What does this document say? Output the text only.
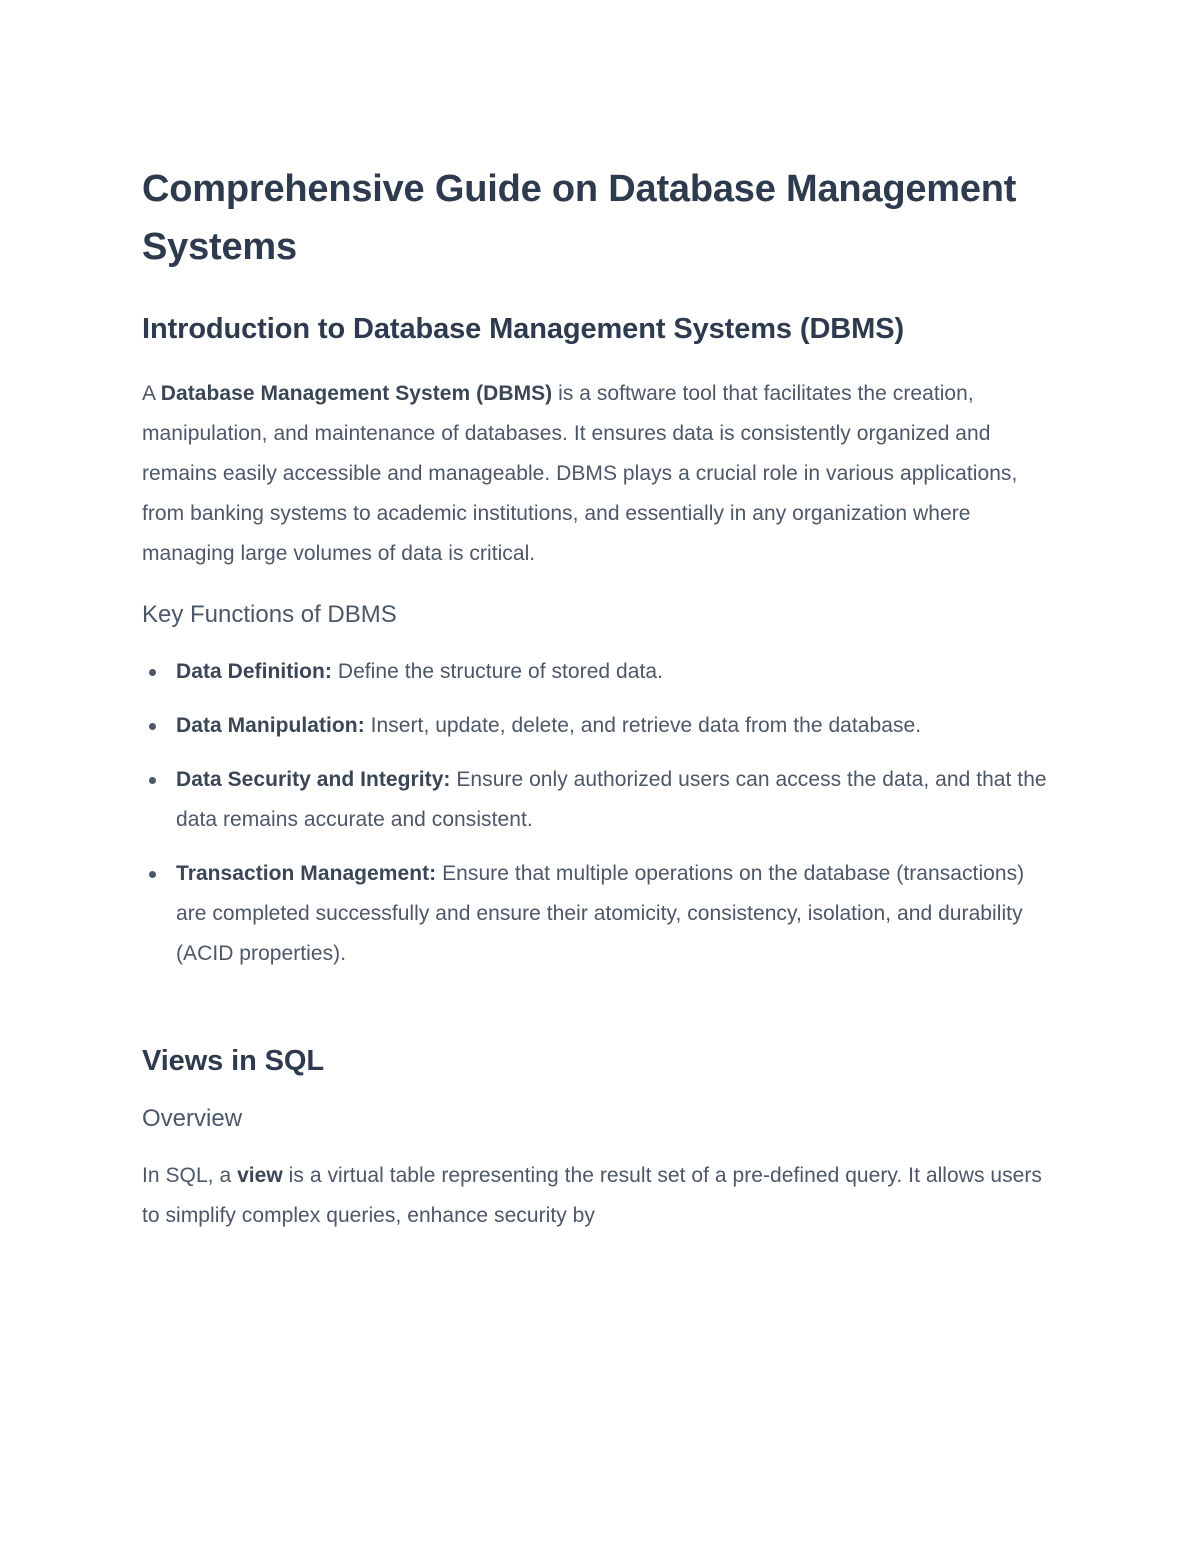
Comprehensive Guide on Database Management Systems
Introduction to Database Management Systems (DBMS)

A Database Management System (DBMS) is a software tool that facilitates the creation, manipulation, and maintenance of databases. It ensures data is consistently organized and remains easily accessible and manageable. DBMS plays a crucial role in various applications, from banking systems to academic institutions, and essentially in any organization where managing large volumes of data is critical.

Key Functions of DBMS
Data Definition: Define the structure of stored data.
Data Manipulation: Insert, update, delete, and retrieve data from the database.
Data Security and Integrity: Ensure only authorized users can access the data, and that the data remains accurate and consistent.
Transaction Management: Ensure that multiple operations on the database (transactions) are completed successfully and ensure their atomicity, consistency, isolation, and durability (ACID properties).
Views in SQL
Overview

In SQL, a view is a virtual table representing the result set of a pre-defined query. It allows users to simplify complex queries, enhance security by
